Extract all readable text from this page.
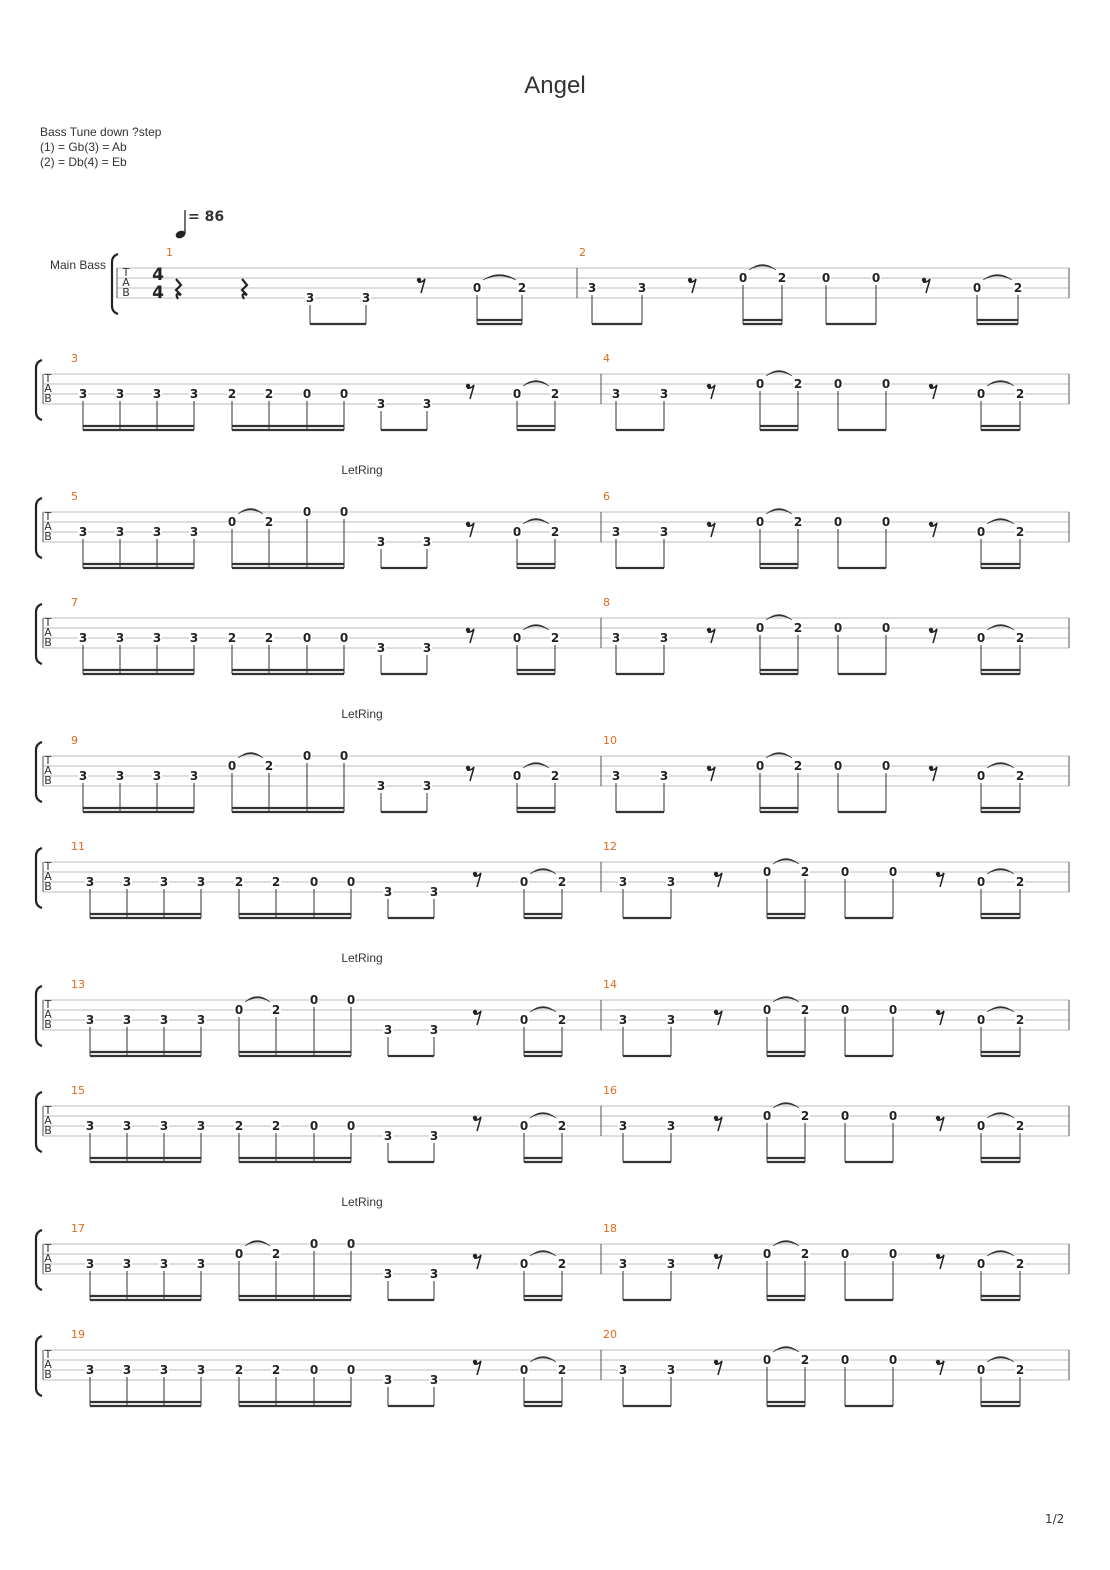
Angel
Bass Tune down ?step
(1) = Gb(3) = Ab
(2) = Db(4) = Eb
= 86
Main Bass
T
A
B
4
4
1	2
3	3
0	2	3	3
0	2	0	0
0	2
T
A
B
3	4
3 3 3 3 2 2 0 0
3	3
0 2	3	3
0 2	0	0
0	2
T
A
B
5	6
LetRing
3 3 3 3
0 2
0 0
3	3
0 2	3	3
0 2	0	0
0	2
T
A
B
7	8
3 3 3 3 2 2 0 0
3	3
0 2	3	3
0 2	0	0
0	2
T
A
B
9	10
LetRing
3 3 3 3
0 2
0 0
3	3
0 2	3	3
0 2	0	0
0	2
T
A
B
11	12
3 3 3 3 2 2 0 0
3	3
0 2	3	3
0 2	0	0
0	2
T
A
B
13	14
LetRing
3 3 3 3
0 2
0 0
3	3
0 2	3	3
0 2	0	0
0	2
T
A
B
15	16
3 3 3 3 2 2 0 0
3	3
0 2	3	3
0 2	0	0
0	2
T
A
B
17	18
LetRing
3 3 3 3
0 2
0 0
3	3
0 2	3	3
0 2	0	0
0	2
T
A
B
19	20
3 3 3 3 2 2 0 0
3	3
0 2	3	3
0 2	0	0
0	2
1/2
